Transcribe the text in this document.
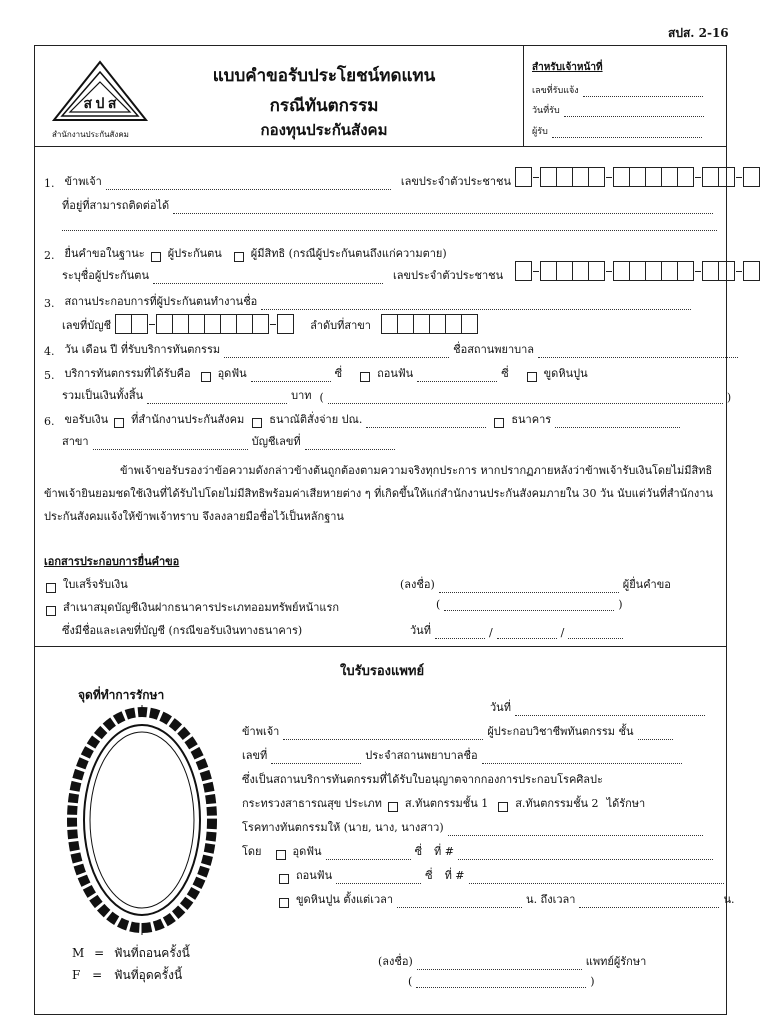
สปส. 2-16
ส ป ส
สำนักงานประกันสังคม
แบบคำขอรับประโยชน์ทดแทน
กรณีทันตกรรม
กองทุนประกันสังคม
สำหรับเจ้าหน้าที่
เลขที่รับแจ้ง
วันที่รับ
ผู้รับ
1. ข้าพเจ้า	เลขประจำตัวประชาชน
ที่อยู่ที่สามารถติดต่อได้
2. ยื่นคำขอในฐานะ ผู้ประกันตน	ผู้มีสิทธิ (กรณีผู้ประกันตนถึงแก่ความตาย)
ระบุชื่อผู้ประกันตน	เลขประจำตัวประชาชน
3. สถานประกอบการที่ผู้ประกันตนทำงานชื่อ
เลขที่บัญชี	ลำดับที่สาขา
4. วัน เดือน ปี ที่รับบริการทันตกรรม	ชื่อสถานพยาบาล
5. บริการทันตกรรมที่ได้รับคือ อุดฟัน	ซี่	ถอนฟัน	ซี่	ขูดหินปูน
รวมเป็นเงินทั้งสิ้น	บาท (	)
6. ขอรับเงิน ที่สำนักงานประกันสังคม ธนาณัติสั่งจ่าย ปณ.	ธนาคาร
สาขา	บัญชีเลขที่
ข้าพเจ้าขอรับรองว่าข้อความดังกล่าวข้างต้นถูกต้องตามความจริงทุกประการ หากปรากฏภายหลังว่าข้าพเจ้ารับเงินโดยไม่มีสิทธิ
ข้าพเจ้ายินยอมชดใช้เงินที่ได้รับไปโดยไม่มีสิทธิพร้อมค่าเสียหายต่าง ๆ ที่เกิดขึ้นให้แก่สำนักงานประกันสังคมภายใน 30 วัน นับแต่วันที่สำนักงาน
ประกันสังคมแจ้งให้ข้าพเจ้าทราบ จึงลงลายมือชื่อไว้เป็นหลักฐาน
เอกสารประกอบการยื่นคำขอ
ใบเสร็จรับเงิน
สำเนาสมุดบัญชีเงินฝากธนาคารประเภทออมทรัพย์หน้าแรก
ซึ่งมีชื่อและเลขที่บัญชี (กรณีขอรับเงินทางธนาคาร)
(ลงชื่อ)	ผู้ยื่นคำขอ
(	)
วันที่	/	/
ใบรับรองแพทย์
จุดที่ทำการรักษา
M = ฟันที่ถอนครั้งนี้
F = ฟันที่อุดครั้งนี้
วันที่
ข้าพเจ้า	ผู้ประกอบวิชาชีพทันตกรรม ชั้น
เลขที่	ประจำสถานพยาบาลชื่อ
ซึ่งเป็นสถานบริการทันตกรรมที่ได้รับใบอนุญาตจากกองการประกอบโรคศิลปะ
กระทรวงสาธารณสุข ประเภท ส.ทันตกรรมชั้น 1 ส.ทันตกรรมชั้น 2 ได้รักษา
โรคทางทันตกรรมให้ (นาย, นาง, นางสาว)
โดย	อุดฟัน	ซี่ ที่ #
ถอนฟัน	ซี่ ที่ #
ขูดหินปูน ตั้งแต่เวลา	น. ถึงเวลา	น.
(ลงชื่อ)	แพทย์ผู้รักษา
(	)
